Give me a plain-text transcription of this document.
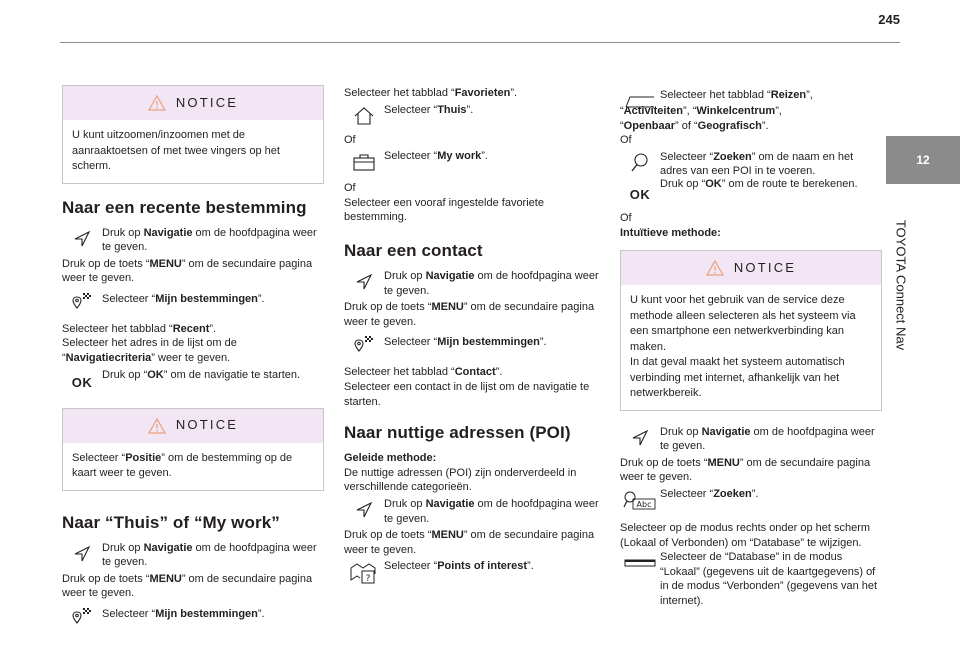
245
12
TOYOTA Connect Nav
NOTICE
U kunt uitzoomen/inzoomen met de aanraaktoetsen of met twee vingers op het scherm.
Naar een recente bestemming
Druk op Navigatie om de hoofdpagina weer te geven.

Druk op de toets “MENU” om de secundaire pagina weer te geven.

Selecteer “Mijn bestemmingen”.

Selecteer het tabblad “Recent”.

Selecteer het adres in de lijst om de

“Navigatiecriteria” weer te geven.

OK
Druk op “OK” om de navigatie te starten.
NOTICE
Selecteer “Positie” om de bestemming op de kaart weer te geven.
Naar “Thuis” of “My work”
Druk op Navigatie om de hoofdpagina weer te geven.

Druk op de toets “MENU” om de secundaire pagina weer te geven.

Selecteer “Mijn bestemmingen”.

Selecteer het tabblad “Favorieten”.

Selecteer “Thuis”.

Of

Selecteer “My work”.

Of

Selecteer een vooraf ingestelde favoriete bestemming.

Naar een contact
Druk op Navigatie om de hoofdpagina weer te geven.

Druk op de toets “MENU” om de secundaire pagina weer te geven.

Selecteer “Mijn bestemmingen”.

Selecteer het tabblad “Contact”.

Selecteer een contact in de lijst om de navigatie te starten.

Naar nuttige adressen (POI)

Geleide methode:

De nuttige adressen (POI) zijn onderverdeeld in verschillende categorieën.

Druk op Navigatie om de hoofdpagina weer te geven.

Druk op de toets “MENU” om de secundaire pagina weer te geven.

?
Selecteer “Points of interest”.
Selecteer het tabblad “Reizen”,

“Activiteiten”, “Winkelcentrum”,

“Openbaar” of “Geografisch”.

Of

Selecteer “Zoeken” om de naam en het adres van een POI in te voeren.
OK
Druk op “OK” om de route te berekenen.

Of

Intuïtieve methode:

NOTICE

U kunt voor het gebruik van de service deze methode alleen selecteren als het systeem via een smartphone een netwerkverbinding kan maken.

In dat geval maakt het systeem automatisch verbinding met internet, afhankelijk van het netwerkbereik.

Druk op Navigatie om de hoofdpagina weer te geven.

Druk op de toets “MENU” om de secundaire pagina weer te geven.

Abc
Selecteer “Zoeken”.

Selecteer op de modus rechts onder op het scherm (Lokaal of Verbonden) om “Database” te wijzigen.

Selecteer de “Database” in de modus “Lokaal” (gegevens uit de kaartgegevens) of in de modus “Verbonden” (gegevens van het internet).
